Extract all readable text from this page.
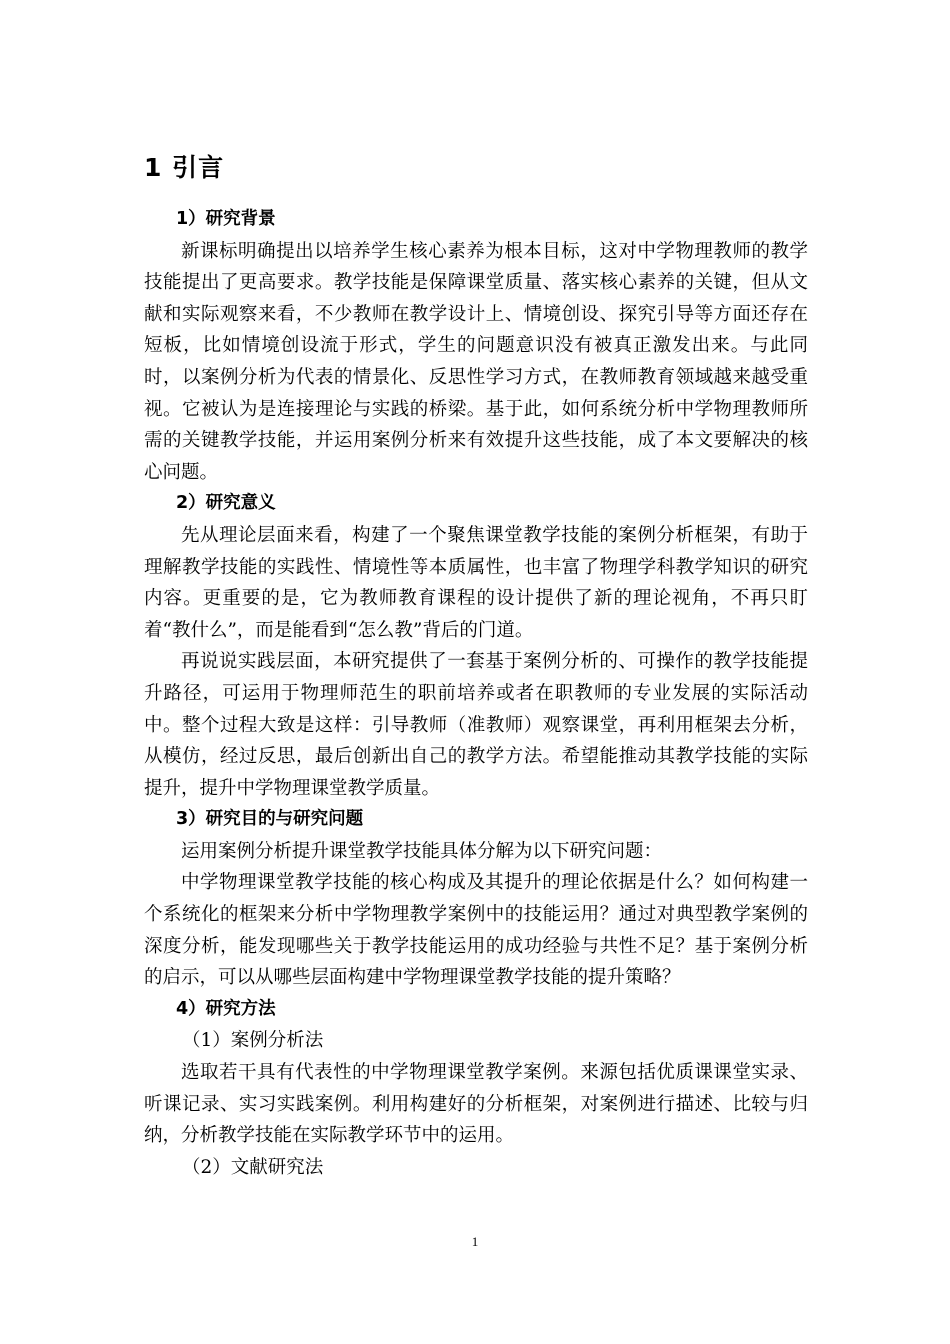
1 引言

1）研究背景

新课标明确提出以培养学生核心素养为根本目标，这对中学物理教师的教学技能提出了更高要求。教学技能是保障课堂质量、落实核心素养的关键，但从文献和实际观察来看，不少教师在教学设计上、情境创设、探究引导等方面还存在短板，比如情境创设流于形式，学生的问题意识没有被真正激发出来。与此同时，以案例分析为代表的情景化、反思性学习方式，在教师教育领域越来越受重视。它被认为是连接理论与实践的桥梁。基于此，如何系统分析中学物理教师所需的关键教学技能，并运用案例分析来有效提升这些技能，成了本文要解决的核心问题。

2）研究意义

先从理论层面来看，构建了一个聚焦课堂教学技能的案例分析框架，有助于理解教学技能的实践性、情境性等本质属性，也丰富了物理学科教学知识的研究内容。更重要的是，它为教师教育课程的设计提供了新的理论视角，不再只盯着“教什么”，而是能看到“怎么教”背后的门道。

再说说实践层面，本研究提供了一套基于案例分析的、可操作的教学技能提升路径，可运用于物理师范生的职前培养或者在职教师的专业发展的实际活动中。整个过程大致是这样：引导教师（准教师）观察课堂，再利用框架去分析，从模仿，经过反思，最后创新出自己的教学方法。希望能推动其教学技能的实际提升，提升中学物理课堂教学质量。

3）研究目的与研究问题

运用案例分析提升课堂教学技能具体分解为以下研究问题：

中学物理课堂教学技能的核心构成及其提升的理论依据是什么？如何构建一个系统化的框架来分析中学物理教学案例中的技能运用？通过对典型教学案例的深度分析，能发现哪些关于教学技能运用的成功经验与共性不足？基于案例分析的启示，可以从哪些层面构建中学物理课堂教学技能的提升策略？

4）研究方法

（1）案例分析法

选取若干具有代表性的中学物理课堂教学案例。来源包括优质课课堂实录、听课记录、实习实践案例。利用构建好的分析框架，对案例进行描述、比较与归纳，分析教学技能在实际教学环节中的运用。

（2）文献研究法

1
